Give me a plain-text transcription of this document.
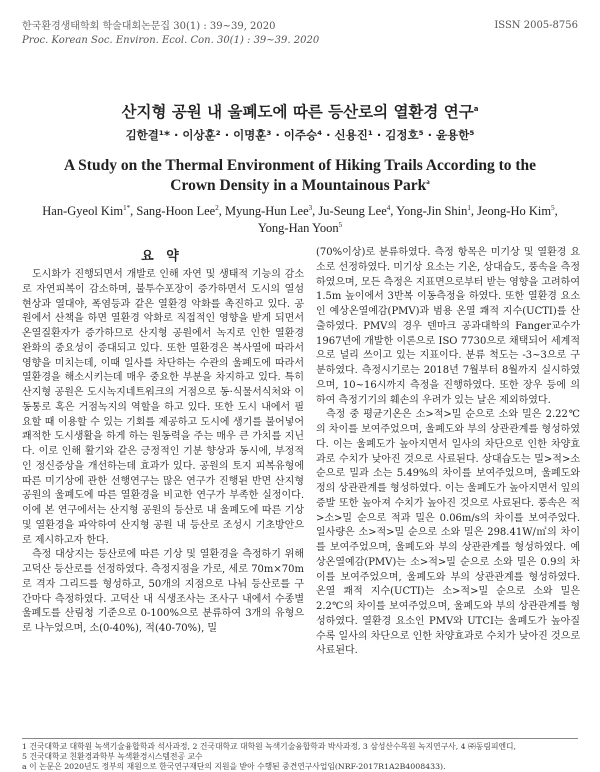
한국환경생태학회 학술대회논문집 30(1) : 39~39, 2020
Proc. Korean Soc. Environ. Ecol. Con. 30(1) : 39~39. 2020
ISSN 2005-8756
산지형 공원 내 울폐도에 따른 등산로의 열환경 연구$^a$
김한결¹* · 이상훈² · 이명훈³ · 이주승⁴ · 신용진¹ · 김정호⁵ · 윤용한⁵
A Study on the Thermal Environment of Hiking Trails According to the Crown Density in a Mountainous Park$^a$
Han-Gyeol Kim$^{1*}$, Sang-Hoon Lee$^2$, Myung-Hun Lee$^3$, Ju-Seung Lee$^4$, Yong-Jin Shin$^1$, Jeong-Ho Kim$^5$,
Yong-Han Yoon$^5$
요 약

도시화가 진행되면서 개발로 인해 자연 및 생태적 기능의 감소로 자연피복이 감소하며, 불투수포장이 증가하면서 도시의 열섬현상과 열대야, 폭염등과 같은 열환경 악화를 촉진하고 있다. 공원에서 산책을 하면 열환경 악화로 직접적인 영향을 받게 되면서 온열질환자가 증가하므로 산지형 공원에서 녹지로 인한 열환경 완화의 중요성이 증대되고 있다. 또한 열환경은 복사열에 따라서 영향을 미치는데, 이때 일사를 차단하는 수관의 울폐도에 따라서 열환경을 해소시키는데 매우 중요한 부분을 차지하고 있다. 특히 산지형 공원은 도시녹지네트워크의 거점으로 동·식물서식처와 이동통로 혹은 거점녹지의 역할을 하고 있다. 또한 도시 내에서 필요할 때 이용할 수 있는 기회를 제공하고 도시에 생기를 불어넣어 쾌적한 도시생활을 하게 하는 원동력을 주는 매우 큰 가치를 지닌다. 이로 인해 활기와 같은 긍정적인 기분 향상과 동시에, 부정적인 정신증상을 개선하는데 효과가 있다. 공원의 토지 피복유형에 따른 미기상에 관한 선행연구는 많은 연구가 진행된 반면 산지형 공원의 울폐도에 따른 열환경을 비교한 연구가 부족한 실정이다. 이에 본 연구에서는 산지형 공원의 등산로 내 울폐도에 따른 기상 및 열환경을 파악하여 산지형 공원 내 등산로 조성시 기초방안으로 제시하고자 한다.

측정 대상지는 등산로에 따른 기상 및 열환경을 측정하기 위해 고덕산 등산로를 선정하였다. 측정지점을 가로, 세로 70m×70m로 격자 그리드를 형성하고, 50개의 지점으로 나눠 등산로를 구간마다 측정하였다. 고덕산 내 식생조사는 조사구 내에서 수종별 울폐도를 산림청 기준으로 0-100%으로 분류하여 3개의 유형으로 나누었으며, 소(0-40%), 적(40-70%), 밀

(70%이상)로 분류하였다. 측정 항목은 미기상 및 열환경 요소로 선정하였다. 미기상 요소는 기온, 상대습도, 풍속을 측정하였으며, 모든 측정은 지표면으로부터 받는 영향을 고려하여 1.5m 높이에서 3반복 이동측정을 하였다. 또한 열환경 요소인 예상온열예감(PMV)과 범용 온열 쾌적 지수(UCTI)를 산출하였다. PMV의 경우 덴마크 공과대학의 Fanger교수가 1967년에 개발한 이론으로 ISO 7730으로 채택되어 세계적으로 널리 쓰이고 있는 지표이다. 분류 척도는 -3~3으로 구분하였다. 측정시기로는 2018년 7월부터 8월까지 실시하였으며, 10~16시까지 측정을 진행하였다. 또한 장우 등에 의하여 측정기기의 훼손의 우려가 있는 날은 제외하였다.

측정 중 평균기온은 소>적>밀 순으로 소와 밀은 2.22℃의 차이를 보여주었으며, 울폐도와 부의 상관관계를 형성하였다. 이는 울폐도가 높아지면서 일사의 차단으로 인한 차양효과로 수치가 낮아진 것으로 사료된다. 상대습도는 밀>적>소 순으로 밀과 소는 5.49%의 차이를 보여주었으며, 울폐도와 정의 상관관계를 형성하였다. 이는 울폐도가 높아지면서 잎의 증발 또한 높아져 수치가 높아진 것으로 사료된다. 풍속은 적>소>밀 순으로 적과 밀은 0.06m/s의 차이를 보여주었다. 일사량은 소>적>밀 순으로 소와 밀은 298.41W/㎡의 차이를 보여주었으며, 울폐도와 부의 상관관계를 형성하였다. 예상온열예감(PMV)는 소>적>밀 순으로 소와 밀은 0.9의 차이를 보여주었으며, 울폐도와 부의 상관관계를 형성하였다. 온열 쾌적 지수(UCTI)는 소>적>밀 순으로 소와 밀은 2.2℃의 차이를 보여주었으며, 울폐도와 부의 상관관계를 형성하였다. 열환경 요소인 PMV와 UTCI는 울폐도가 높아질수록 일사의 차단으로 인한 차양효과로 수치가 낮아진 것으로 사료된다.

1 건국대학교 대학원 녹색기술융합학과 석사과정, 2 건국대학교 대학원 녹색기술융합학과 박사과정, 3 삼성산수목원 녹지연구사, 4 ㈜동림피엔디,
5 건국대학교 친환경과학부 녹색환경시스템전공 교수
a 이 논문은 2020년도 정부의 재원으로 한국연구재단의 지원을 받아 수행된 중견연구사업임(NRF-2017R1A2B4008433).
